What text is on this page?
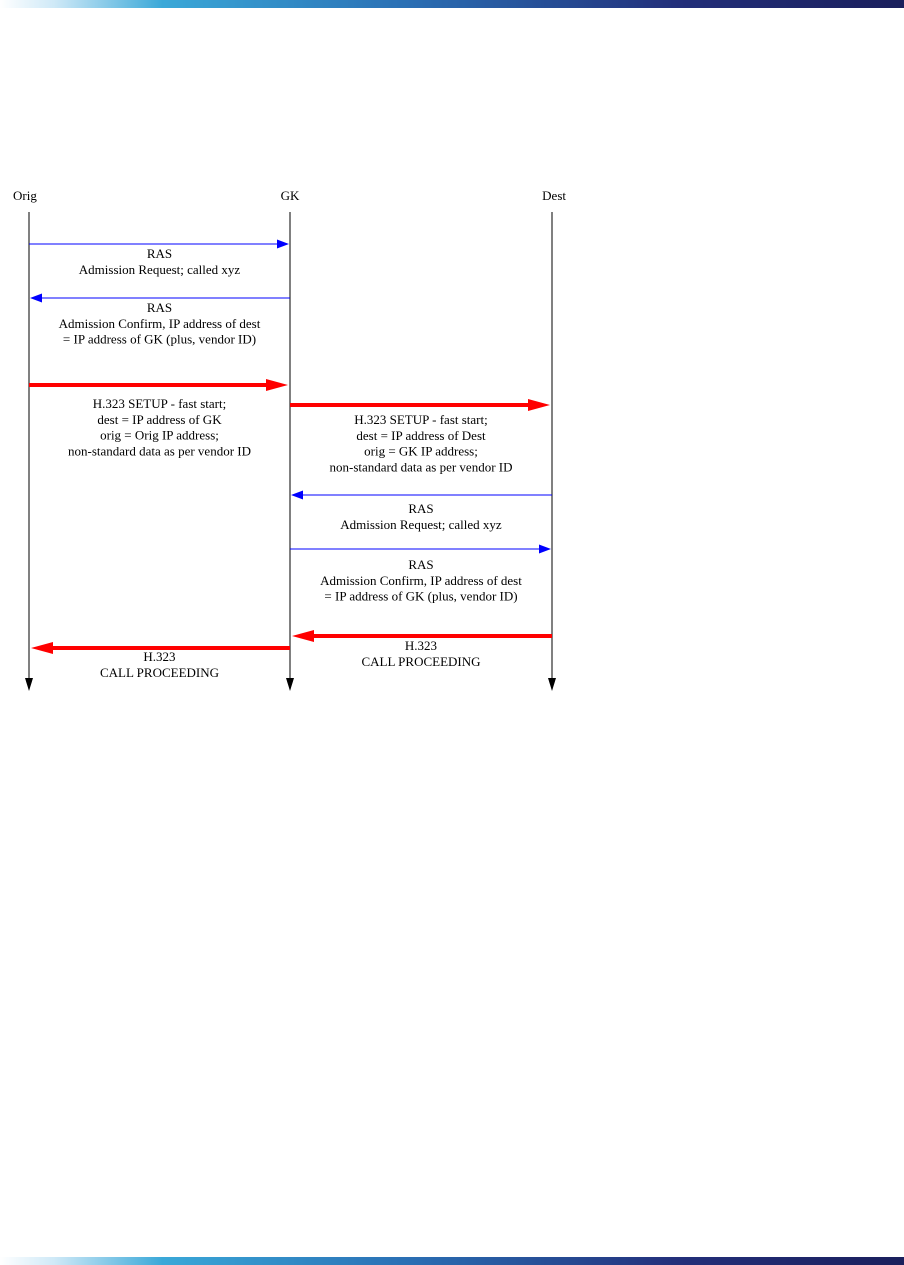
Orig	GK	Dest
RAS Admission Request; called xyz
RAS Admission Confirm, IP address of dest = IP address of GK (plus, vendor ID)
H.323 SETUP - fast start; dest = IP address of GK orig = Orig IP address; non-standard data as per vendor ID
H.323 SETUP - fast start; dest = IP address of Dest orig = GK IP address; non-standard data as per vendor ID
RAS Admission Request; called xyz
RAS Admission Confirm, IP address of dest = IP address of GK (plus, vendor ID)
H.323 CALL PROCEEDING
H.323 CALL PROCEEDING
